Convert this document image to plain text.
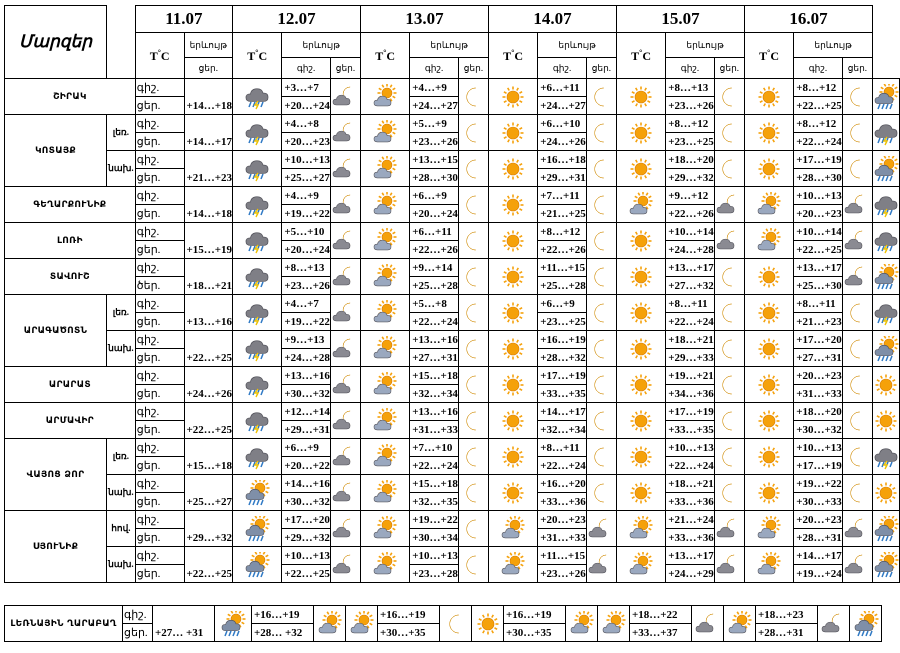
Մարզեր		11.07		12.07			13.07			14.07			15.07			16.07			
		T°C	երևույթ	T°C	երևույթ		T°C	երևույթ		T°C	երևույթ		T°C	երևույթ		T°C	երևույթ		
			ցեր.		գիշ.	ցեր.		գիշ.	ցեր.		գիշ.	ցեր.		գիշ.	ցեր.		գիշ.	ցեր.	
ՇԻՐԱԿ		գիշ.	+14…+18		+3…+7			+4…+9			+6…+11			+8…+13			+8…+12	

		ցեր.			+20…+24			+24…+27			+24…+27			+23…+26			+22…+25		
ԿՈՏԱՅՔ	լեռ.	գիշ.	+14…+17		+4…+8			+5…+9			+6…+10			+8…+12			+8…+12	

		ցեր.			+20…+23			+23…+26			+24…+26			+23…+25			+22…+24		
	նախ.	գիշ.	+21…+23		+10…+13			+13…+15			+16…+18			+18…+20			+17…+19	

		ցեր.			+25…+27			+28…+30			+29…+31			+29…+32			+28…+30		
ԳԵՂԱՐՔՈՒՆԻՔ		գիշ.	+14…+18		+4…+9			+6…+9			+7…+11			+9…+12			+10…+13	

		ցեր.			+19…+22			+20…+24			+21…+25			+22…+26			+20…+23		
ԼՈՌԻ		գիշ.	+15…+19		+5…+10			+6…+11			+8…+12			+10…+14			+10…+14	

		ցեր.			+20…+24			+22…+26			+22…+26			+24…+28			+22…+25		
ՏԱՎՈՒՇ		գիշ.	+18…+21		+8…+13			+9…+14			+11…+15			+13…+17			+13…+17	

		ծեր.			+23…+26			+25…+28			+25…+28			+27…+32			+25…+30		
ԱՐԱԳԱԾՈՏՆ	լեռ.	գիշ.	+13…+16		+4…+7			+5…+8			+6…+9			+8…+11			+8…+11	

		ցեր.			+19…+22			+22…+24			+23…+25			+22…+24			+21…+23		
	նախ.	գիշ.	+22…+25		+9…+13			+13…+16			+16…+19			+18…+21			+17…+20	

		ցեր.			+24…+28			+27…+31			+28…+32			+29…+33			+27…+31		
ԱՐԱՐԱՏ		գիշ.	+24…+26		+13…+16			+15…+18			+17…+19			+19…+21			+20…+23	

		ցեր.			+30…+32			+32…+34			+33…+35			+34…+36			+31…+33		
ԱՐՄԱՎԻՐ		գիշ.	+22…+25		+12…+14			+13…+16			+14…+17			+17…+19			+18…+20	

		ցեր.			+29…+31			+31…+33			+32…+34			+33…+35			+30…+32		
ՎԱՅՈՑ ՁՈՐ	լեռ.	գիշ.	+15…+18		+6…+9			+7…+10			+8…+11			+10…+13			+10…+13	

		ցեր.			+20…+22			+22…+24			+22…+24			+22…+24			+17…+19		
	նախ.	գիշ.	+25…+27		+14…+16			+15…+18			+16…+20			+18…+21			+19…+22	

		ցեր.			+30…+32			+32…+35			+33…+36			+33…+36			+30…+33		
ՍՅՈՒՆԻՔ	հով.	գիշ.	+29…+32		+17…+20			+19…+22			+20…+23			+21…+24			+20…+23	

		ցեր.			+29…+32			+30…+34			+31…+33			+33…+36			+28…+31		
	նախ.	գիշ.	+22…+25		+10…+13			+10…+13			+11…+15			+13…+17			+14…+17	

		ցեր.			+22…+25			+23…+28			+23…+26			+24…+29			+19…+24		
ԼԵՌՆԱՅԻՆ ՂԱՐԱԲԱՂ	գիշ.	+27… +31		+16…+19			+16…+19			+16…+19			+18…+22			+18…+23	

	ցեր.			+28… +32			+30…+35			+30…+35			+33…+37			+28…+31		
